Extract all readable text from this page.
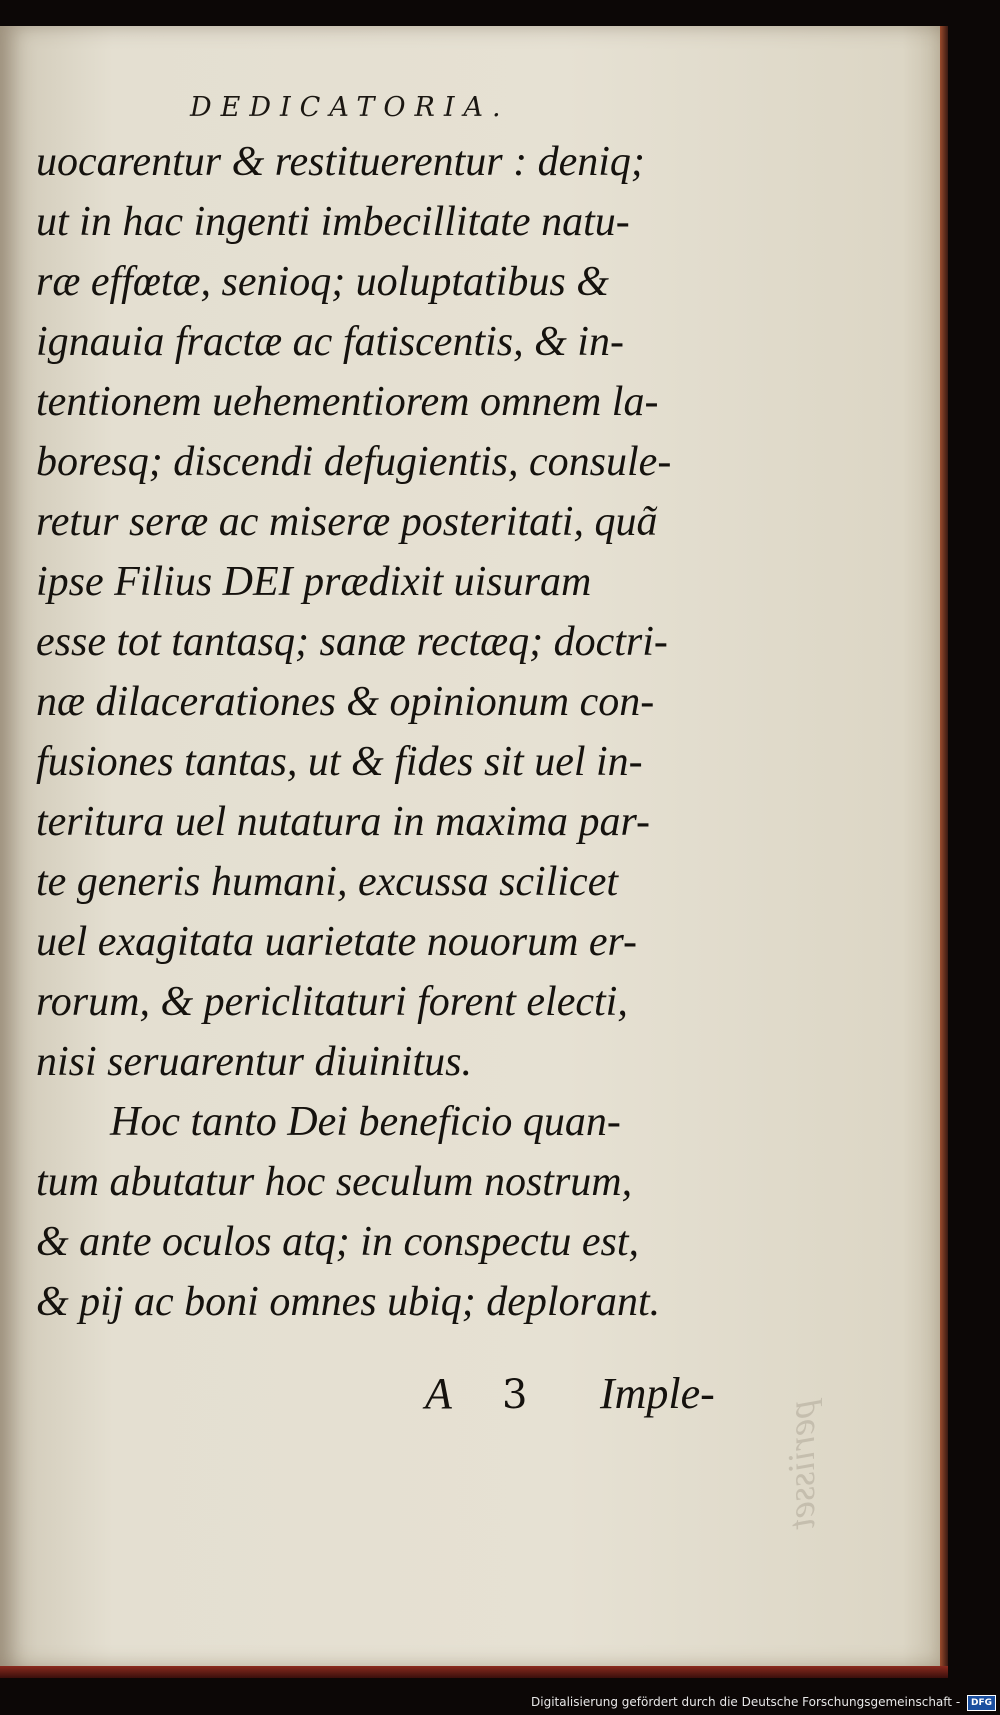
periisset
DEDICATORIA.
uocarentur & restituerentur : deniq;
ut in hac ingenti imbecillitate natu-
ræ effœtæ, senioq; uoluptatibus &
ignauia fractæ ac fatiscentis, & in-
tentionem uehementiorem omnem la-
boresq; discendi defugientis, consule-
retur seræ ac miseræ posteritati, quã
ipse Filius DEI prædixit uisuram
esse tot tantasq; sanæ rectæq; doctri-
næ dilacerationes & opinionum con-
fusiones tantas, ut & fides sit uel in-
teritura uel nutatura in maxima par-
te generis humani, excussa scilicet
uel exagitata uarietate nouorum er-
rorum, & periclitaturi forent electi,
nisi seruarentur diuinitus.
Hoc tanto Dei beneficio quan-
tum abutatur hoc seculum nostrum,
& ante oculos atq; in conspectu est,
& pij ac boni omnes ubiq; deplorant.
A 3 Imple-
Digitalisierung gefördert durch die Deutsche Forschungsgemeinschaft - DFG
